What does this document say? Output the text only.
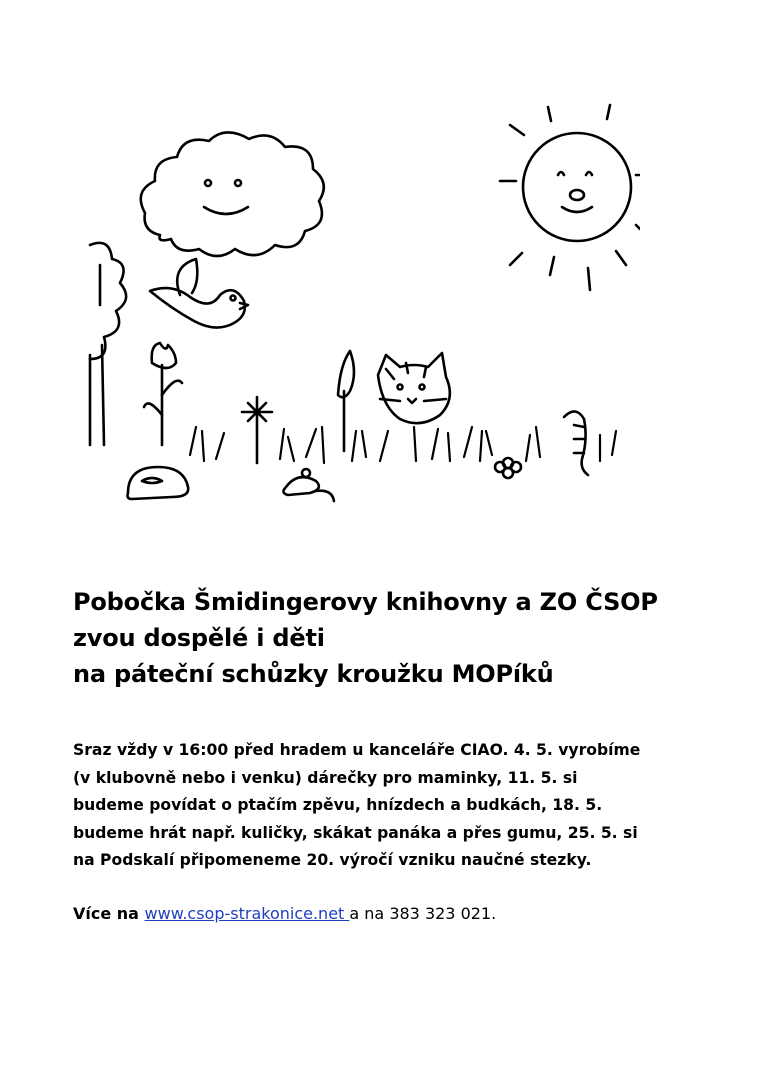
Pobočka Šmidingerovy knihovny a ZO ČSOP
zvou dospělé i děti
na páteční schůzky kroužku MOPíků
Sraz vždy v 16:00 před hradem u kanceláře CIAO. 4. 5. vyrobíme
(v klubovně nebo i venku) dárečky pro maminky, 11. 5. si
budeme povídat o ptačím zpěvu, hnízdech a budkách, 18. 5.
budeme hrát např. kuličky, skákat panáka a přes gumu, 25. 5. si
na Podskalí připomeneme 20. výročí vzniku naučné stezky.
Více na www.csop-strakonice.net a na 383 323 021.
